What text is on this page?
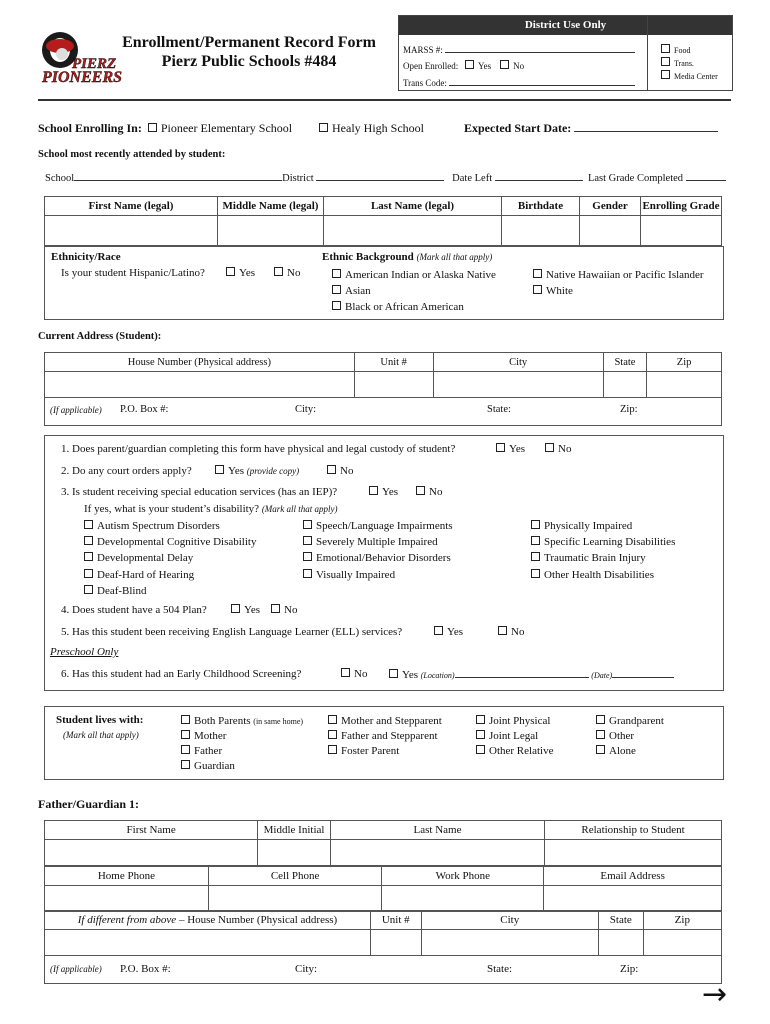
PIERZ
PIONEERS
Enrollment/Permanent Record Form
Pierz Public Schools #484
District Use Only
MARSS #:
Open Enrolled: Yes No
Trans Code:
Food
Trans.
Media Center
School Enrolling In: Pioneer Elementary School	Healy High School	Expected Start Date:
School most recently attended by student:
School	District	Date Left	Last Grade Completed
First Name (legal)	Middle Name (legal)	Last Name (legal)	Birthdate	Gender	Enrolling Grade

Ethnicity/Race
Is your student Hispanic/Latino?	Yes	No
Ethnic Background (Mark all that apply)
American Indian or Alaska Native
Asian
Black or African American
Native Hawaiian or Pacific Islander
White
Current Address (Student):
House Number (Physical address)	Unit #	City	State	Zip

(If applicable) P.O. Box #: City: State: Zip:				
1. Does parent/guardian completing this form have physical and legal custody of student?	Yes	No
2. Do any court orders apply?	Yes (provide copy)	No
3. Is student receiving special education services (has an IEP)?	Yes	No
If yes, what is your student’s disability? (Mark all that apply)
Autism Spectrum Disorders
Developmental Cognitive Disability
Developmental Delay
Deaf-Hard of Hearing
Deaf-Blind
Speech/Language Impairments
Severely Multiple Impaired
Emotional/Behavior Disorders
Visually Impaired
Physically Impaired
Specific Learning Disabilities
Traumatic Brain Injury
Other Health Disabilities
4. Does student have a 504 Plan?	Yes	No
5. Has this student been receiving English Language Learner (ELL) services?	Yes	No
Preschool Only
6. Has this student had an Early Childhood Screening?	No	Yes (Location)	(Date)
Student lives with:
(Mark all that apply)
Both Parents (in same home)
Mother
Father
Guardian
Mother and Stepparent
Father and Stepparent
Foster Parent
Joint Physical
Joint Legal
Other Relative
Grandparent
Other
Alone
Father/Guardian 1:
First Name	Middle Initial	Last Name	Relationship to Student

Home Phone	Cell Phone	Work Phone	Email Address

If different from above – House Number (Physical address)	Unit #	City	State	Zip

(If applicable) P.O. Box #: City: State: Zip:				
→
